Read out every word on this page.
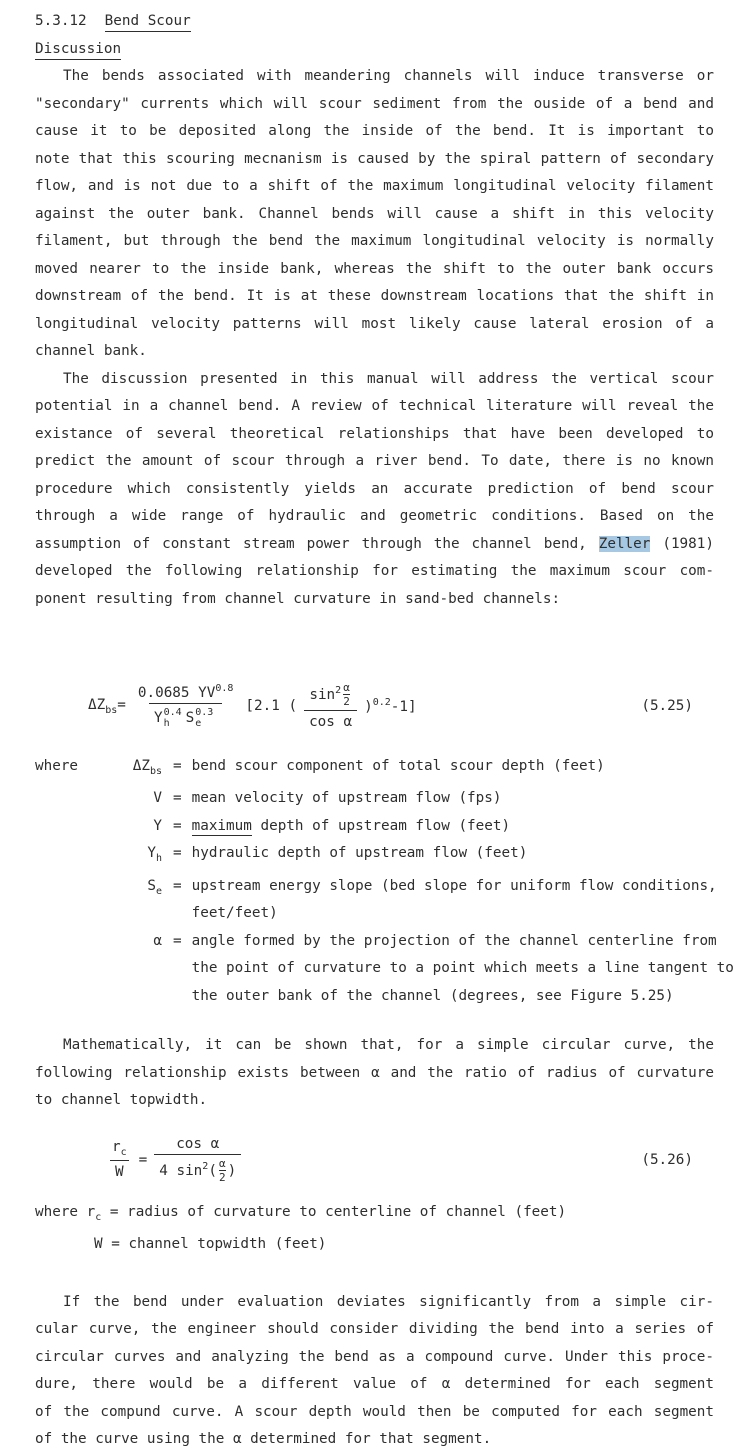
5.3.12 Bend Scour
Discussion
The bends associated with meandering channels will induce transverse or
"secondary" currents which will scour sediment from the ouside of a bend and
cause it to be deposited along the inside of the bend. It is important to
note that this scouring mecnanism is caused by the spiral pattern of secondary
flow, and is not due to a shift of the maximum longitudinal velocity filament
against the outer bank. Channel bends will cause a shift in this velocity
filament, but through the bend the maximum longitudinal velocity is normally
moved nearer to the inside bank, whereas the shift to the outer bank occurs
downstream of the bend. It is at these downstream locations that the shift in
longitudinal velocity patterns will most likely cause lateral erosion of a
channel bank.
The discussion presented in this manual will address the vertical scour
potential in a channel bend. A review of technical literature will reveal the
existance of several theoretical relationships that have been developed to
predict the amount of scour through a river bend. To date, there is no known
procedure which consistently yields an accurate prediction of bend scour
through a wide range of hydraulic and geometric conditions. Based on the
assumption of constant stream power through the channel bend, Zeller (1981)
developed the following relationship for estimating the maximum scour com-
ponent resulting from channel curvature in sand-bed channels:
$\Delta Z_{bs}= 0.0685$ $YV^{0.8}$
Y 0.4
h	S 0.3
e [2.1 ( $\frac{\sin^2 \frac{\alpha}{2}}{\text{cos α}} )^{0.2}-1$]	(5.25)
where	$\Delta Z_{bs}$ = bend scour component of total scour depth (feet)
V = mean velocity of upstream flow (fps)
Y = maximum depth of upstream flow (feet)
$Y_h$ = hydraulic depth of upstream flow (feet)
$S_e$ = upstream energy slope (bed slope for uniform flow conditions,
feet/feet)
α = angle formed by the projection of the channel centerline from
the point of curvature to a point which meets a line tangent to
the outer bank of the channel (degrees, see Figure 5.25)
Mathematically, it can be shown that, for a simple circular curve, the
following relationship exists between α and the ratio of radius of curvature
to channel topwidth.
$\frac{r_c}{W} = \frac{\text{cos α}}{4 \sin^2( \frac{\alpha}{2} )}$	(5.26)
where $r_c$ = radius of curvature to centerline of channel (feet)
W = channel topwidth (feet)
If the bend under evaluation deviates significantly from a simple cir-
cular curve, the engineer should consider dividing the bend into a series of
circular curves and analyzing the bend as a compound curve. Under this proce-
dure, there would be a different value of α determined for each segment
of the compund curve. A scour depth would then be computed for each segment
of the curve using the α determined for that segment.
